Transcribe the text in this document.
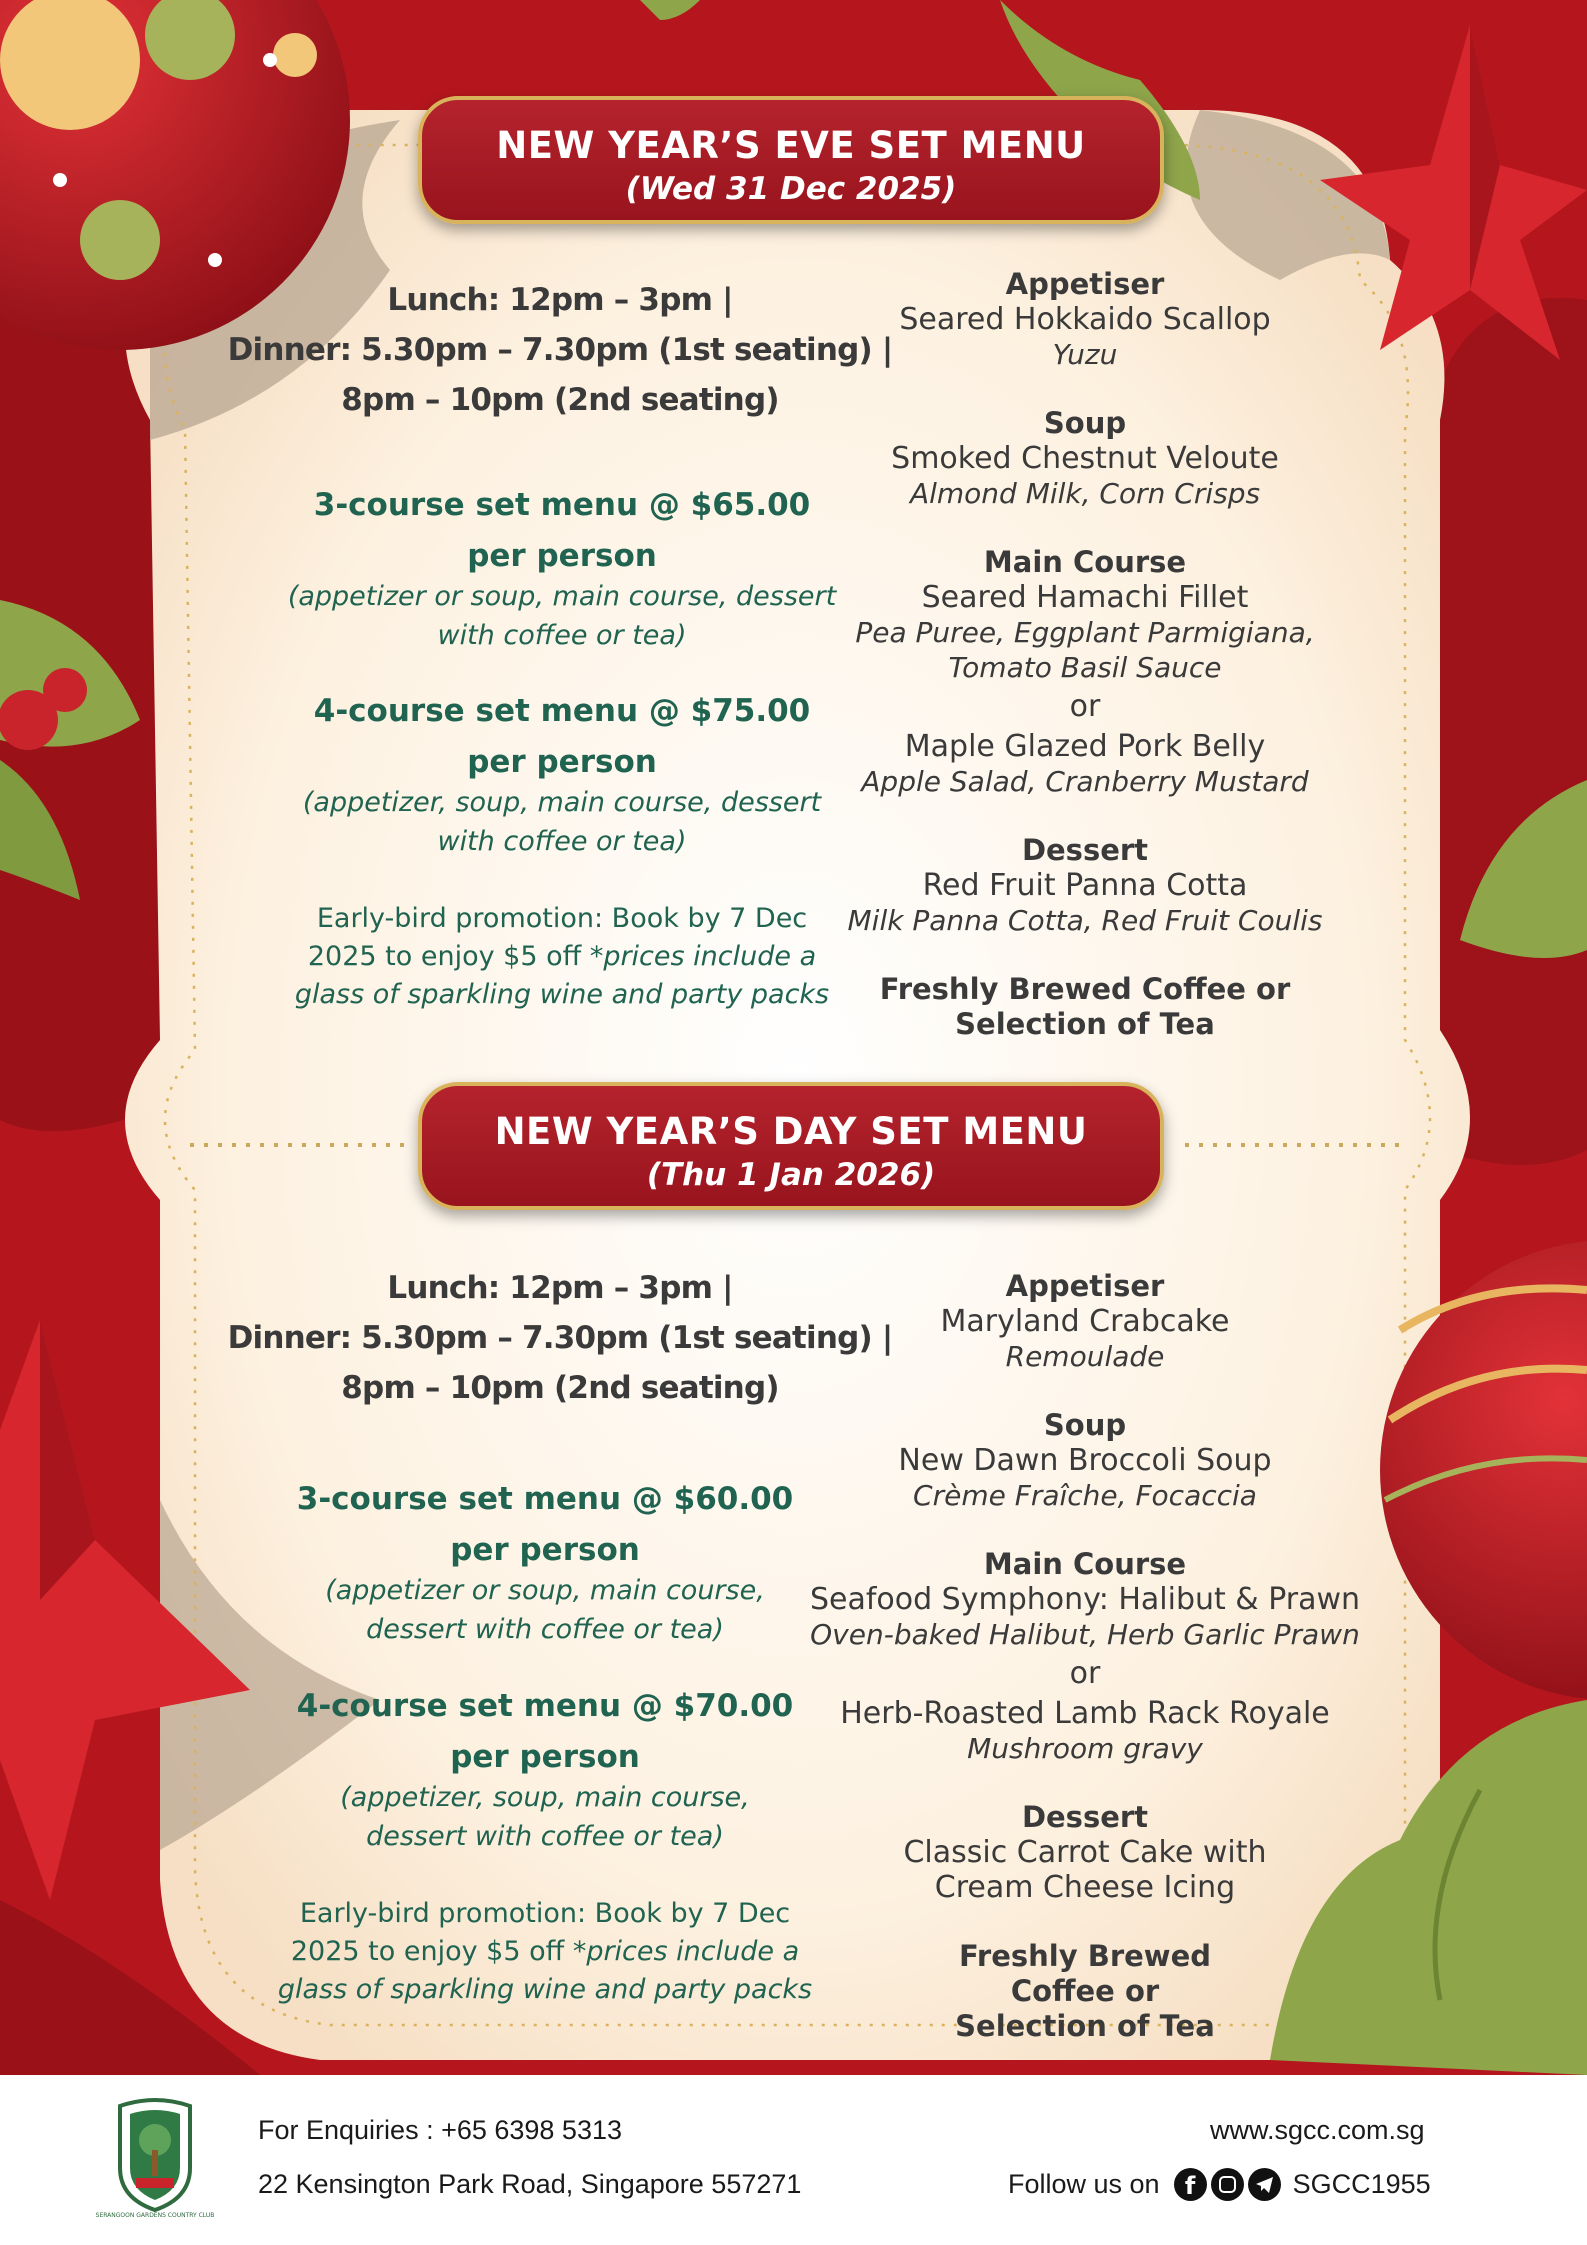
NEW YEAR’S EVE SET MENU
(Wed 31 Dec 2025)
Lunch: 12pm – 3pm |
Dinner: 5.30pm – 7.30pm (1st seating) |
8pm – 10pm (2nd seating)
3-course set menu @ $65.00
per person
(appetizer or soup, main course, dessert
with coffee or tea)
4-course set menu @ $75.00
per person
(appetizer, soup, main course, dessert
with coffee or tea)
Early-bird promotion: Book by 7 Dec
2025 to enjoy $5 off *prices include a
glass of sparkling wine and party packs
Appetiser
Seared Hokkaido Scallop
Yuzu
Soup
Smoked Chestnut Veloute
Almond Milk, Corn Crisps
Main Course
Seared Hamachi Fillet
Pea Puree, Eggplant Parmigiana,
Tomato Basil Sauce
or
Maple Glazed Pork Belly
Apple Salad, Cranberry Mustard
Dessert
Red Fruit Panna Cotta
Milk Panna Cotta, Red Fruit Coulis
Freshly Brewed Coffee or
Selection of Tea
NEW YEAR’S DAY SET MENU
(Thu 1 Jan 2026)
Lunch: 12pm – 3pm |
Dinner: 5.30pm – 7.30pm (1st seating) |
8pm – 10pm (2nd seating)
3-course set menu @ $60.00
per person
(appetizer or soup, main course,
dessert with coffee or tea)
4-course set menu @ $70.00
per person
(appetizer, soup, main course,
dessert with coffee or tea)
Early-bird promotion: Book by 7 Dec
2025 to enjoy $5 off *prices include a
glass of sparkling wine and party packs
Appetiser
Maryland Crabcake
Remoulade
Soup
New Dawn Broccoli Soup
Crème Fraîche, Focaccia
Main Course
Seafood Symphony: Halibut & Prawn
Oven-baked Halibut, Herb Garlic Prawn
or
Herb-Roasted Lamb Rack Royale
Mushroom gravy
Dessert
Classic Carrot Cake with
Cream Cheese Icing
Freshly Brewed
Coffee or
Selection of Tea
SERANGOON GARDENS COUNTRY CLUB
For Enquiries : +65 6398 5313
22 Kensington Park Road, Singapore 557271
www.sgcc.com.sg
Follow us on	f	SGCC1955
